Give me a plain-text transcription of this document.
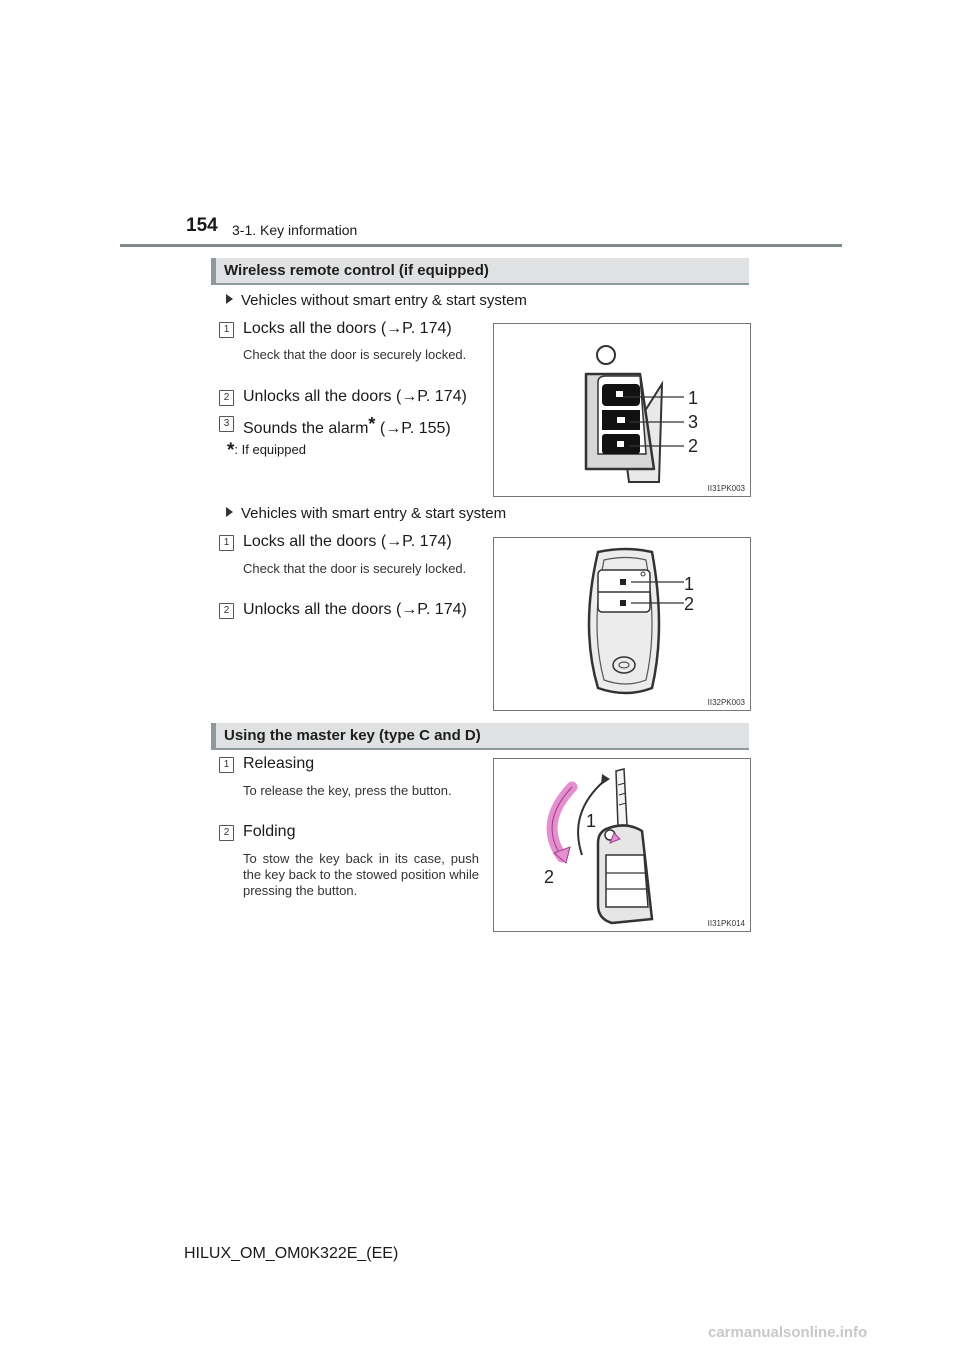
154 3-1. Key information
Wireless remote control (if equipped)
Vehicles without smart entry & start system
1 Locks all the doors (→P. 174)
Check that the door is securely locked.
2 Unlocks all the doors (→P. 174)
3 Sounds the alarm* (→P. 155)
*: If equipped
1
3
2
II31PK003
Vehicles with smart entry & start system
1 Locks all the doors (→P. 174)
Check that the door is securely locked.
2 Unlocks all the doors (→P. 174)
1
2
II32PK003
Using the master key (type C and D)
1 Releasing
To release the key, press the button.
2 Folding
To stow the key back in its case, push the key back to the stowed position while pressing the button.
1
2
II31PK014
HILUX_OM_OM0K322E_(EE)
carmanualsonline.info
